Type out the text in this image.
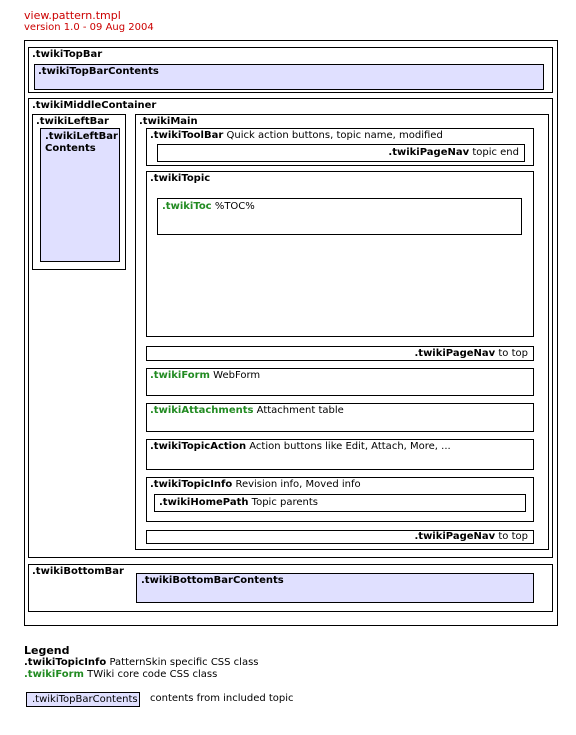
view.pattern.tmpl
version 1.0 - 09 Aug 2004
.twikiTopBar
.twikiTopBarContents
.twikiMiddleContainer
.twikiLeftBar
.twikiLeftBar
Contents
.twikiMain
.twikiToolBar Quick action buttons, topic name, modified
.twikiPageNav topic end
.twikiTopic
.twikiToc %TOC%
.twikiPageNav to top
.twikiForm WebForm
.twikiAttachments Attachment table
.twikiTopicAction Action buttons like Edit, Attach, More, ...
.twikiTopicInfo Revision info, Moved info
.twikiHomePath Topic parents
.twikiPageNav to top
.twikiBottomBar
.twikiBottomBarContents
Legend
.twikiTopicInfo PatternSkin specific CSS class
.twikiForm TWiki core code CSS class
.twikiTopBarContents contents from included topic
